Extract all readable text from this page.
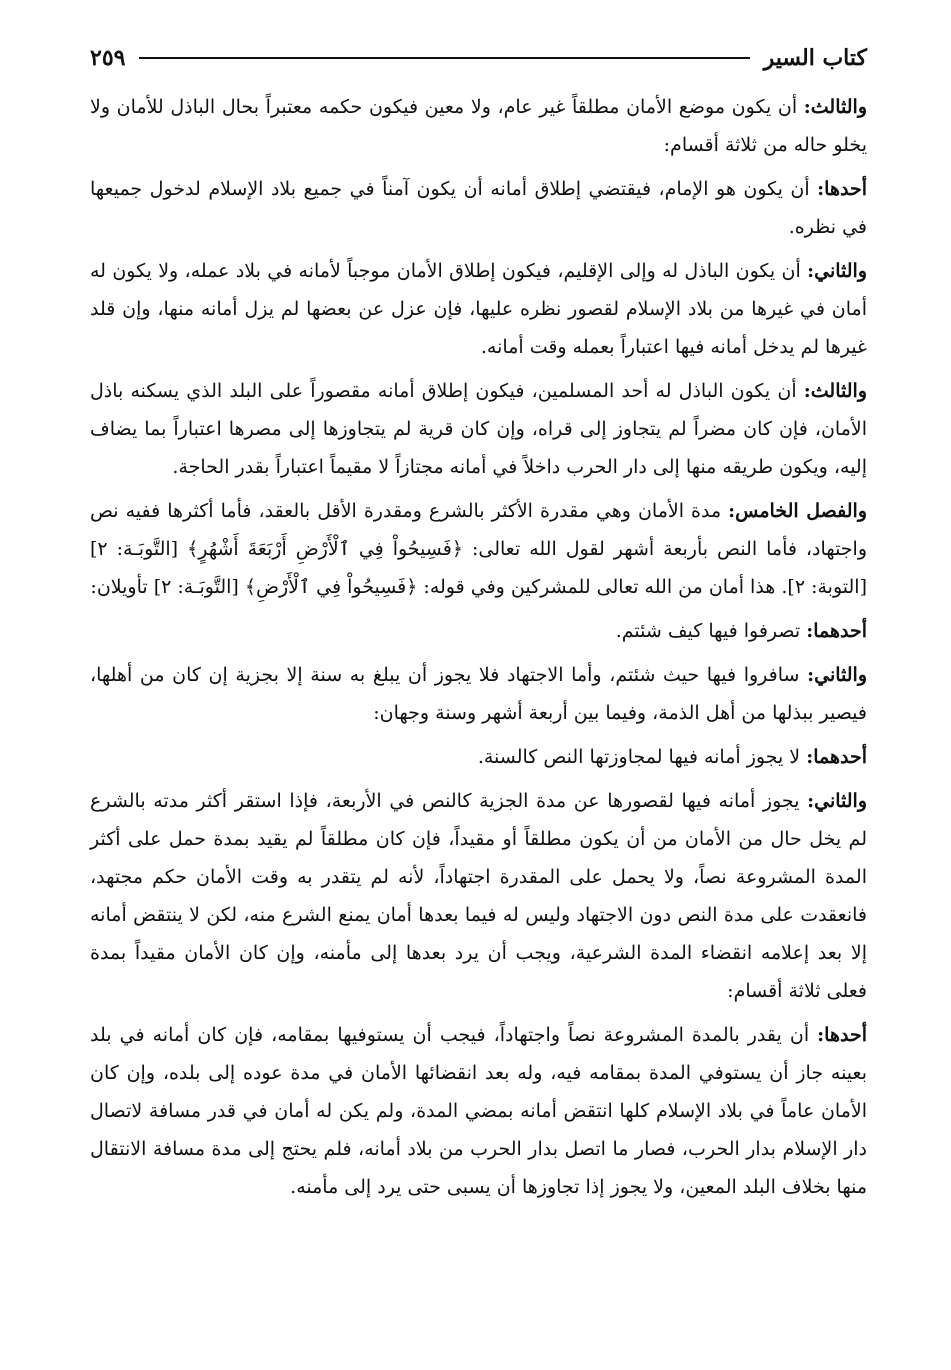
كتاب السير
٢٥٩

والثالث: أن يكون موضع الأمان مطلقاً غير عام، ولا معين فيكون حكمه معتبراً بحال الباذل للأمان ولا يخلو حاله من ثلاثة أقسام:

أحدها: أن يكون هو الإمام، فيقتضي إطلاق أمانه أن يكون آمناً في جميع بلاد الإسلام لدخول جميعها في نظره.

والثاني: أن يكون الباذل له وإلى الإقليم، فيكون إطلاق الأمان موجباً لأمانه في بلاد عمله، ولا يكون له أمان في غيرها من بلاد الإسلام لقصور نظره عليها، فإن عزل عن بعضها لم يزل أمانه منها، وإن قلد غيرها لم يدخل أمانه فيها اعتباراً بعمله وقت أمانه.

والثالث: أن يكون الباذل له أحد المسلمين، فيكون إطلاق أمانه مقصوراً على البلد الذي يسكنه باذل الأمان، فإن كان مضراً لم يتجاوز إلى قراه، وإن كان قرية لم يتجاوزها إلى مصرها اعتباراً بما يضاف إليه، ويكون طريقه منها إلى دار الحرب داخلاً في أمانه مجتازاً لا مقيماً اعتباراً بقدر الحاجة.

والفصل الخامس: مدة الأمان وهي مقدرة الأكثر بالشرع ومقدرة الأقل بالعقد، فأما أكثرها ففيه نص واجتهاد، فأما النص بأربعة أشهر لقول الله تعالى: ﴿فَسِيحُواْ فِي ٱلْأَرْضِ أَرْبَعَةَ أَشْهُرٍ﴾ [التَّوبَـة: ٢] [التوبة: ٢]. هذا أمان من الله تعالى للمشركين وفي قوله: ﴿فَسِيحُواْ فِي ٱلْأَرْضِ﴾ [التَّوبَـة: ٢] تأويلان:

أحدهما: تصرفوا فيها كيف شئتم.

والثاني: سافروا فيها حيث شئتم، وأما الاجتهاد فلا يجوز أن يبلغ به سنة إلا بجزية إن كان من أهلها، فيصير ببذلها من أهل الذمة، وفيما بين أربعة أشهر وسنة وجهان:

أحدهما: لا يجوز أمانه فيها لمجاوزتها النص كالسنة.

والثاني: يجوز أمانه فيها لقصورها عن مدة الجزية كالنص في الأربعة، فإذا استقر أكثر مدته بالشرع لم يخل حال من الأمان من أن يكون مطلقاً أو مقيداً، فإن كان مطلقاً لم يقيد بمدة حمل على أكثر المدة المشروعة نصاً، ولا يحمل على المقدرة اجتهاداً، لأنه لم يتقدر به وقت الأمان حكم مجتهد، فانعقدت على مدة النص دون الاجتهاد وليس له فيما بعدها أمان يمنع الشرع منه، لكن لا ينتقض أمانه إلا بعد إعلامه انقضاء المدة الشرعية، ويجب أن يرد بعدها إلى مأمنه، وإن كان الأمان مقيداً بمدة فعلى ثلاثة أقسام:

أحدها: أن يقدر بالمدة المشروعة نصاً واجتهاداً، فيجب أن يستوفيها بمقامه، فإن كان أمانه في بلد بعينه جاز أن يستوفي المدة بمقامه فيه، وله بعد انقضائها الأمان في مدة عوده إلى بلده، وإن كان الأمان عاماً في بلاد الإسلام كلها انتقض أمانه بمضي المدة، ولم يكن له أمان في قدر مسافة لاتصال دار الإسلام بدار الحرب، فصار ما اتصل بدار الحرب من بلاد أمانه، فلم يحتج إلى مدة مسافة الانتقال منها بخلاف البلد المعين، ولا يجوز إذا تجاوزها أن يسبى حتى يرد إلى مأمنه.
